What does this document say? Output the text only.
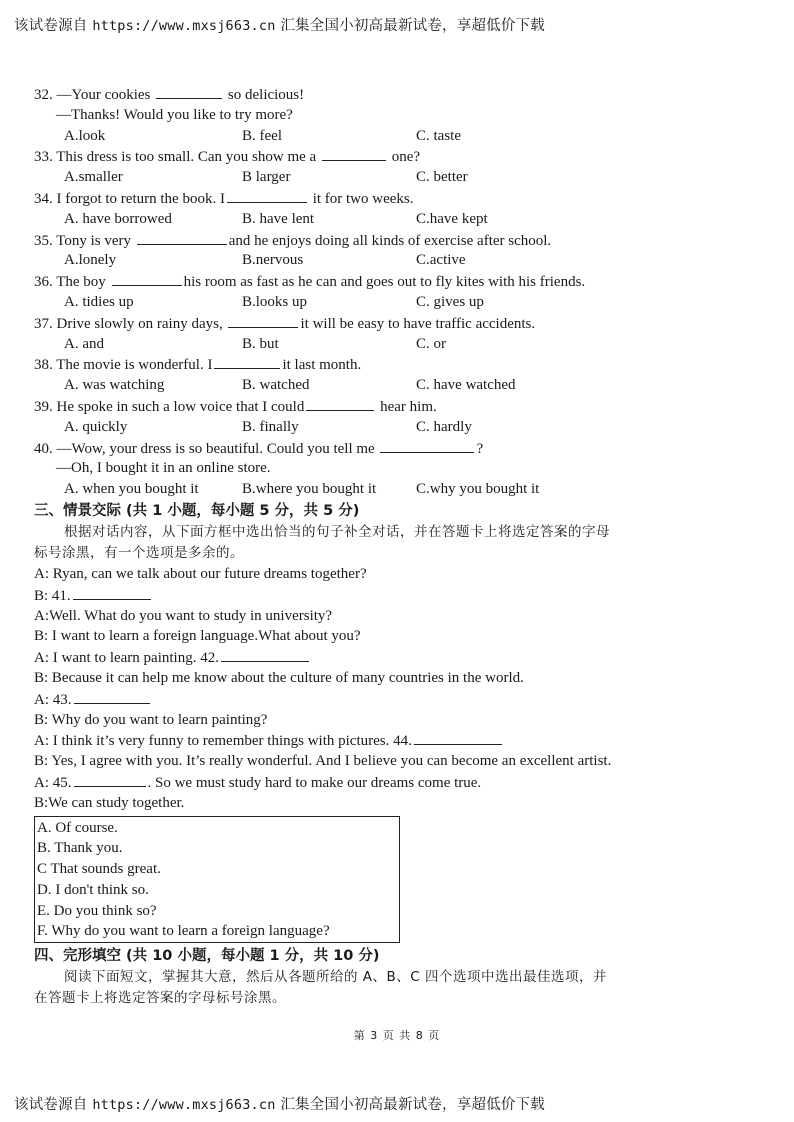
该试卷源自 https://www.mxsj663.cn 汇集全国小初高最新试卷，享超低价下载
32. —Your cookies	so delicious!
—Thanks! Would you like to try more?
A.look	B. feel	C. taste
33. This dress is too small. Can you show me a	one?
A.smaller	B larger	C. better
34. I forgot to return the book. I	it for two weeks.
A. have borrowed	B. have lent	C.have kept
35. Tony is very	and he enjoys doing all kinds of exercise after school.
A.lonely	B.nervous	C.active
36. The boy	his room as fast as he can and goes out to fly kites with his friends.
A. tidies up	B.looks up	C. gives up
37. Drive slowly on rainy days,	it will be easy to have traffic accidents.
A. and	B. but	C. or
38. The movie is wonderful. I	it last month.
A. was watching	B. watched	C. have watched
39. He spoke in such a low voice that I could	hear him.
A. quickly	B. finally	C. hardly
40. —Wow, your dress is so beautiful. Could you tell me	?
—Oh, I bought it in an online store.
A. when you bought it	B.where you bought it	C.why you bought it
三、情景交际 (共 1 小题，每小题 5 分，共 5 分)
根据对话内容，从下面方框中选出恰当的句子补全对话，并在答题卡上将选定答案的字母
标号涂黑，有一个选项是多余的。
A: Ryan, can we talk about our future dreams together?
B: 41.
A:Well. What do you want to study in university?
B: I want to learn a foreign language.What about you?
A: I want to learn painting. 42.
B: Because it can help me know about the culture of many countries in the world.
A: 43.
B: Why do you want to learn painting?
A: I think it’s very funny to remember things with pictures. 44.
B: Yes, I agree with you. It’s really wonderful. And I believe you can become an excellent artist.
A: 45.	. So we must study hard to make our dreams come true.
B:We can study together.
A. Of course.
B. Thank you.
C That sounds great.
D. I don't think so.
E. Do you think so?
F. Why do you want to learn a foreign language?
四、完形填空 (共 10 小题，每小题 1 分，共 10 分)
阅读下面短文，掌握其大意，然后从各题所给的 A、B、C 四个选项中选出最佳选项，并
在答题卡上将选定答案的字母标号涂黑。
第 3 页 共 8 页
该试卷源自 https://www.mxsj663.cn 汇集全国小初高最新试卷，享超低价下载
